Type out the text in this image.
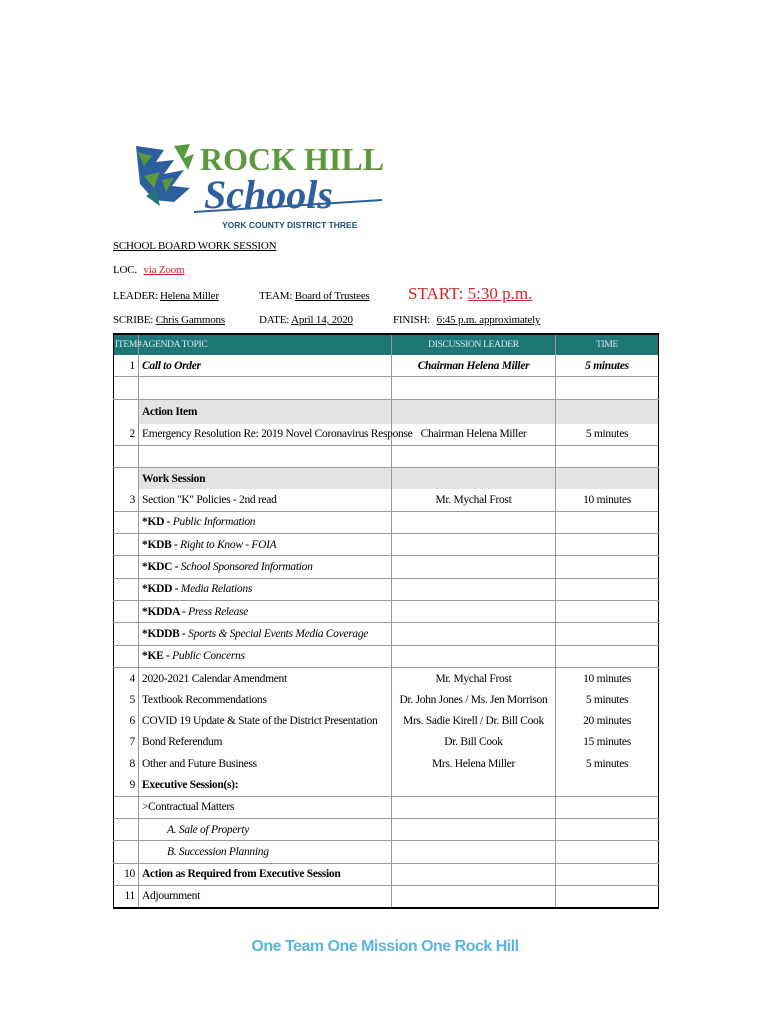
ROCK HILL
Schools
YORK COUNTY DISTRICT THREE
SCHOOL BOARD WORK SESSION
LOC. via Zoom
LEADER: Helena Miller	TEAM: Board of Trustees START: 5:30 p.m.
SCRIBE: Chris Gammons	DATE: April 14, 2020	FINISH: 6:45 p.m. approximately
ITEM#	AGENDA TOPIC	DISCUSSION LEADER	TIME
1	Call to Order	Chairman Helena Miller	5 minutes

	Action Item		
2	Emergency Resolution Re: 2019 Novel Coronavirus Response	Chairman Helena Miller	5 minutes

	Work Session		
3	Section "K" Policies - 2nd read	Mr. Mychal Frost	10 minutes
	*KD - Public Information		
	*KDB - Right to Know - FOIA		
	*KDC - School Sponsored Information		
	*KDD - Media Relations		
	*KDDA - Press Release		
	*KDDB - Sports & Special Events Media Coverage		
	*KE - Public Concerns		
4	2020-2021 Calendar Amendment	Mr. Mychal Frost	10 minutes
5	Textbook Recommendations	Dr. John Jones / Ms. Jen Morrison	5 minutes
6	COVID 19 Update & State of the District Presentation	Mrs. Sadie Kirell / Dr. Bill Cook	20 minutes
7	Bond Referendum	Dr. Bill Cook	15 minutes
8	Other and Future Business	Mrs. Helena Miller	5 minutes
9	Executive Session(s):		
	>Contractual Matters		
	A. Sale of Property		
	B. Succession Planning		
10	Action as Required from Executive Session		
11	Adjournment		
One Team One Mission One Rock Hill
